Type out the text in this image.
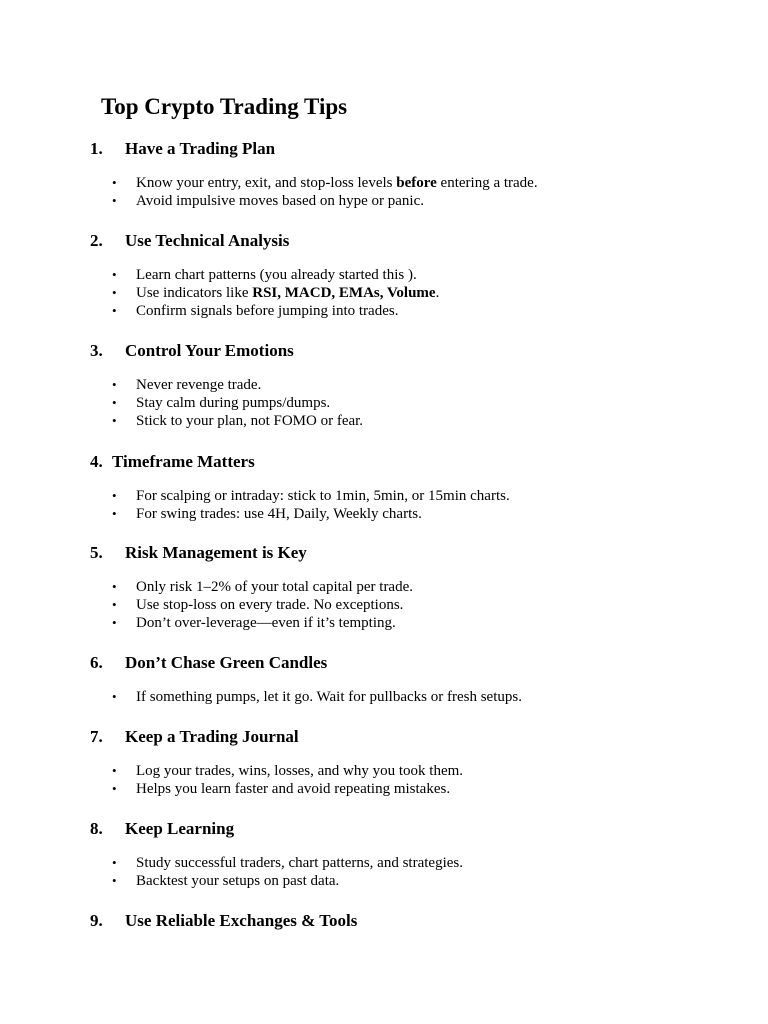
Top Crypto Trading Tips
1. Have a Trading Plan
• Know your entry, exit, and stop-loss levels before entering a trade.
• Avoid impulsive moves based on hype or panic.
2. Use Technical Analysis
• Learn chart patterns (you already started this ).
• Use indicators like RSI, MACD, EMAs, Volume.
• Confirm signals before jumping into trades.
3. Control Your Emotions
• Never revenge trade.
• Stay calm during pumps/dumps.
• Stick to your plan, not FOMO or fear.
4. Timeframe Matters
• For scalping or intraday: stick to 1min, 5min, or 15min charts.
• For swing trades: use 4H, Daily, Weekly charts.
5. Risk Management is Key
• Only risk 1–2% of your total capital per trade.
• Use stop-loss on every trade. No exceptions.
• Don’t over-leverage—even if it’s tempting.
6. Don’t Chase Green Candles
• If something pumps, let it go. Wait for pullbacks or fresh setups.
7. Keep a Trading Journal
• Log your trades, wins, losses, and why you took them.
• Helps you learn faster and avoid repeating mistakes.
8. Keep Learning
• Study successful traders, chart patterns, and strategies.
• Backtest your setups on past data.
9. Use Reliable Exchanges & Tools
